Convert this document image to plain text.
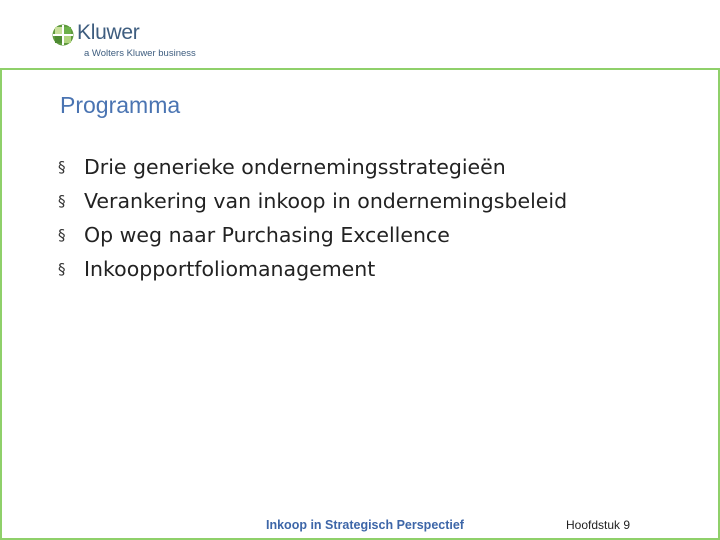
Kluwer
a Wolters Kluwer business
Programma
§ Drie generieke ondernemingsstrategieën
§ Verankering van inkoop in ondernemingsbeleid
§ Op weg naar Purchasing Excellence
§ Inkoopportfoliomanagement
Inkoop in Strategisch Perspectief	Hoofdstuk 9
